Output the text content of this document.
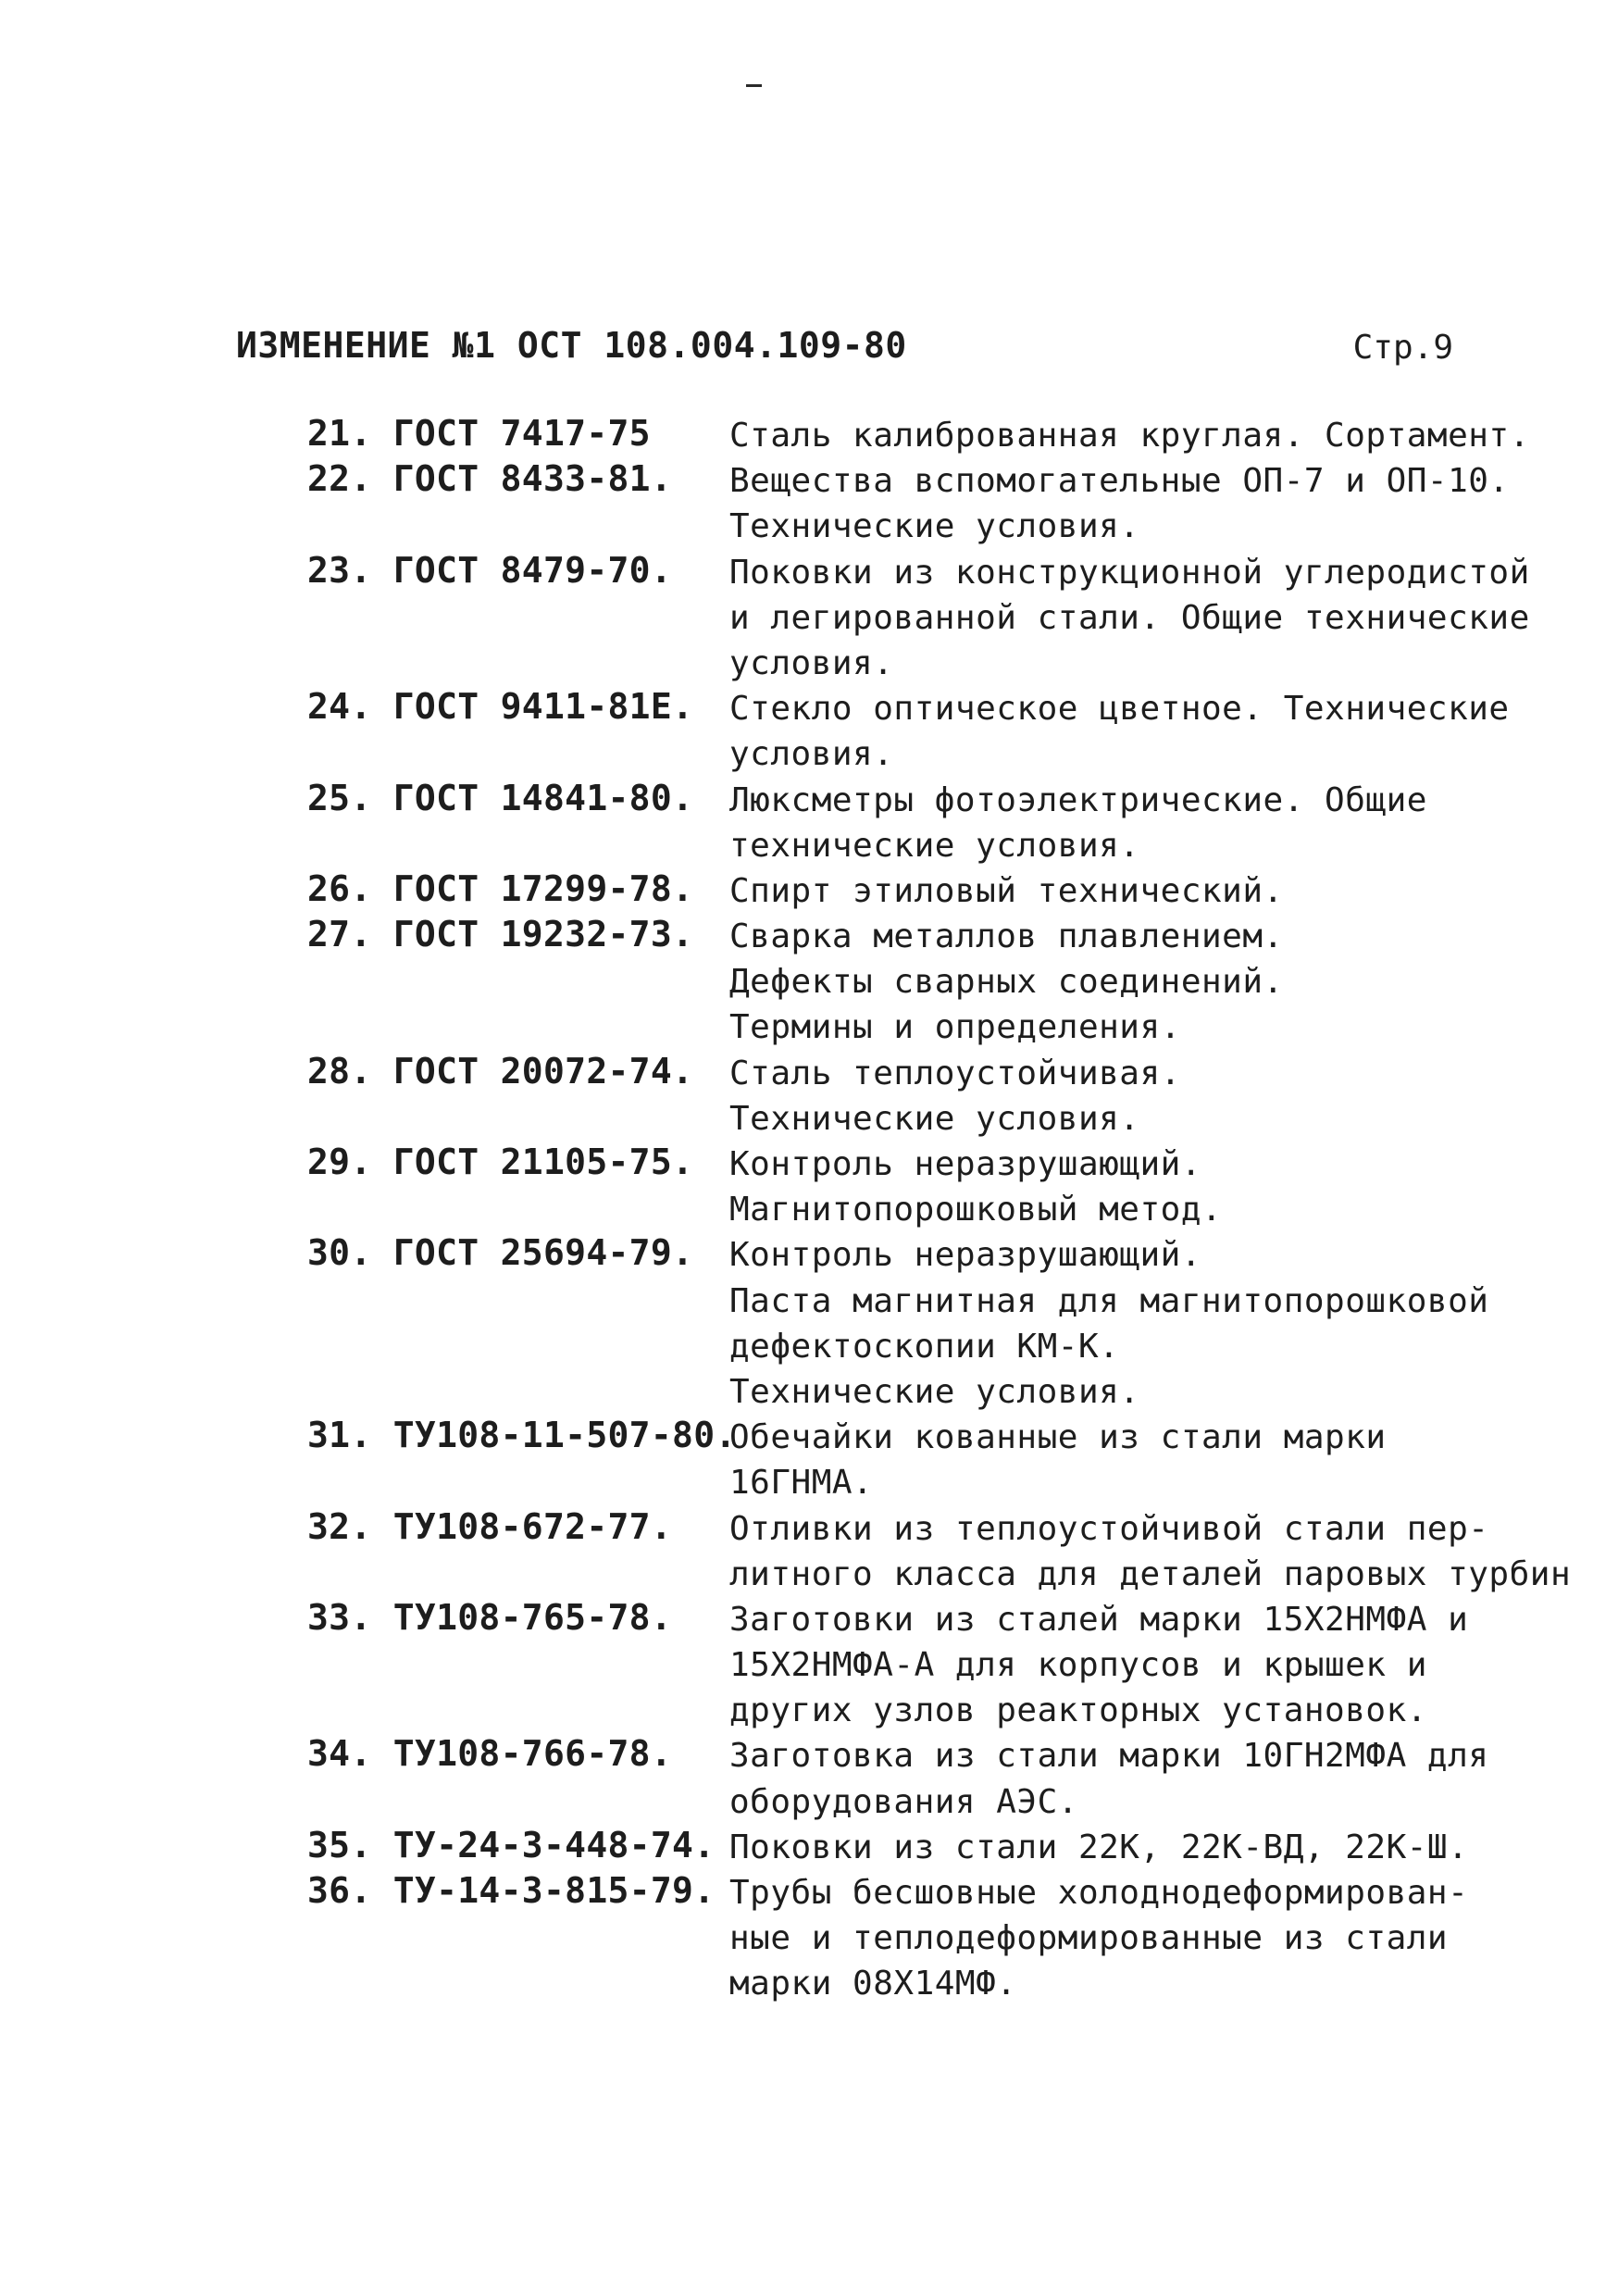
ИЗМЕНЕНИЕ №1 ОСТ 108.004.109-80	Стр.9
21. ГОСТ 7417-75 Сталь калиброванная круглая. Сортамент.
22. ГОСТ 8433-81. Вещества вспомогательные ОП-7 и ОП-10.
Технические условия.
23. ГОСТ 8479-70. Поковки из конструкционной углеродистой
и легированной стали. Общие технические
условия.
24. ГОСТ 9411-81Е. Стекло оптическое цветное. Технические
условия.
25. ГОСТ 14841-80. Люксметры фотоэлектрические. Общие
технические условия.
26. ГОСТ 17299-78. Спирт этиловый технический.
27. ГОСТ 19232-73. Сварка металлов плавлением.
Дефекты сварных соединений.
Термины и определения.
28. ГОСТ 20072-74. Сталь теплоустойчивая.
Технические условия.
29. ГОСТ 21105-75. Контроль неразрушающий.
Магнитопорошковый метод.
30. ГОСТ 25694-79. Контроль неразрушающий.
Паста магнитная для магнитопорошковой
дефектоскопии КМ-К.
Технические условия.
31. ТУ108-11-507-80.
Обечайки кованные из стали марки
16ГНМА.
32. ТУ108-672-77. Отливки из теплоустойчивой стали пер-
литного класса для деталей паровых турбин
33. ТУ108-765-78. Заготовки из сталей марки 15Х2НМФА и
15Х2НМФА-А для корпусов и крышек и
других узлов реакторных установок.
34. ТУ108-766-78. Заготовка из стали марки 10ГН2МФА для
оборудования АЭС.
35. ТУ-24-3-448-74. Поковки из стали 22К, 22К-ВД, 22К-Ш.
36. ТУ-14-3-815-79. Трубы бесшовные холоднодеформирован-
ные и теплодеформированные из стали
марки 08Х14МФ.
